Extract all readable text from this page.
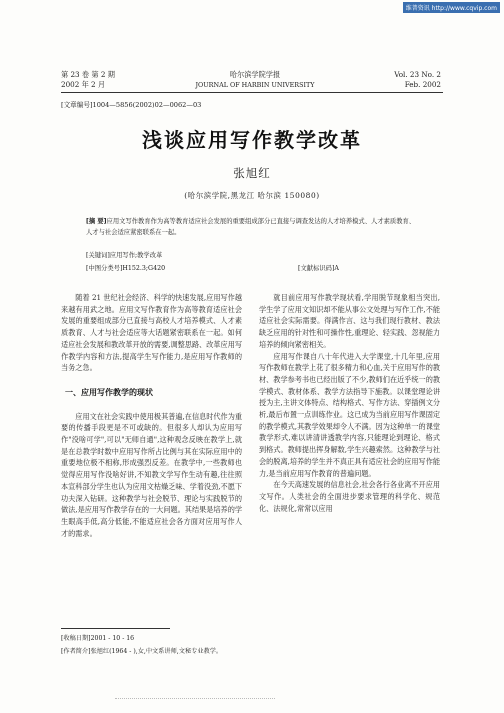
维普资讯 http://www.cqvip.com
第 23 卷 第 2 期
2002 年 2 月
哈尔滨学院学报
JOURNAL OF HARBIN UNIVERSITY
Vol. 23 No. 2
Feb. 2002
[文章编号]1004—5856(2002)02—0062—03
浅谈应用写作教学改革
张旭红
(哈尔滨学院,黑龙江 哈尔滨 150080)
[摘 要]应用文写作教育作为高等教育适应社会发展的重要组成部分已直接与调查发达的人才培养模式、人才素质教育、人才与社会适应紧密联系在一起。
[关键词]应用写作;教学改革
[中图分类号]H152.3;G420	[文献标识码]A

随着 21 世纪社会经济、科学的快速发展,应用写作越来越有用武之地。应用文写作教育作为高等教育适应社会发展的重要组成部分已直接与高校人才培养模式、人才素质教育、人才与社会适应等大话题紧密联系在一起。如何适应社会发展和教改革开放的需要,调整思路、改革应用写作教学内容和方法,提高学生写作能力,是应用写作教师的当务之急。

一、应用写作教学的现状

应用文在社会实践中使用极其普遍,在信息时代作为重要的传播手段更是不可或缺的。但很多人却认为应用写作"没啥可学",可以"无师自通",这种观念反映在教学上,就是在总教学时数中应用写作所占比例与其在实际应用中的重要地位极不相称,形成强烈反差。在教学中,一些教师也觉得应用写作没啥好讲,不知教文学写作生动有趣,往往照本宣科部分学生也认为应用文枯燥乏味、学着没劲,不愿下功夫深入钻研。这种教学与社会脱节、理论与实践脱节的做法,是应用写作教学存在的一大问题。其结果是培养的学生眼高手低,高分低能,不能适应社会各方面对应用写作人才的需求。

就目前应用写作教学现状看,学用脱节现象相当突出,学生学了应用文知识却不能从事公文处理与写作工作,不能适应社会实际需要。得满作言、这与我们现行教材、教法缺乏应用的针对性和可操作性,重理论、轻实践、忽视能力培养的倾向紧密相关。

应用写作课自八十年代进入大学课堂,十几年里,应用写作教师在教学上花了很多精力和心血,关于应用写作的教材、教学参考书也已经出版了不少,教师们在近乎统一的教学模式、教材体系、教学方法指导下施教。以课堂理论讲授为主,主讲文体特点、结构格式、写作方法、穿插例文分析,最后布置一点训练作业。这已成为当前应用写作课固定的教学模式,其教学效果却令人不满。因为这种单一的课堂教学形式,难以讲清讲透教学内容,只能理论到理论、格式到格式。教师提出挥身解数,学生兴趣索然。这种教学与社会的脱离,培养的学生并不真正具有适应社会的应用写作能力,是当前应用写作教育的普遍问题。

在今天高速发展的信息社会,社会各行各业离不开应用文写作。人类社会的全面进步要求管理的科学化、规范化、法规化,常常以应用

[收稿日期]2001 - 10 - 16
[作者简介]张旭红(1964 - ),女,中文系讲师,文秘专业教学。
